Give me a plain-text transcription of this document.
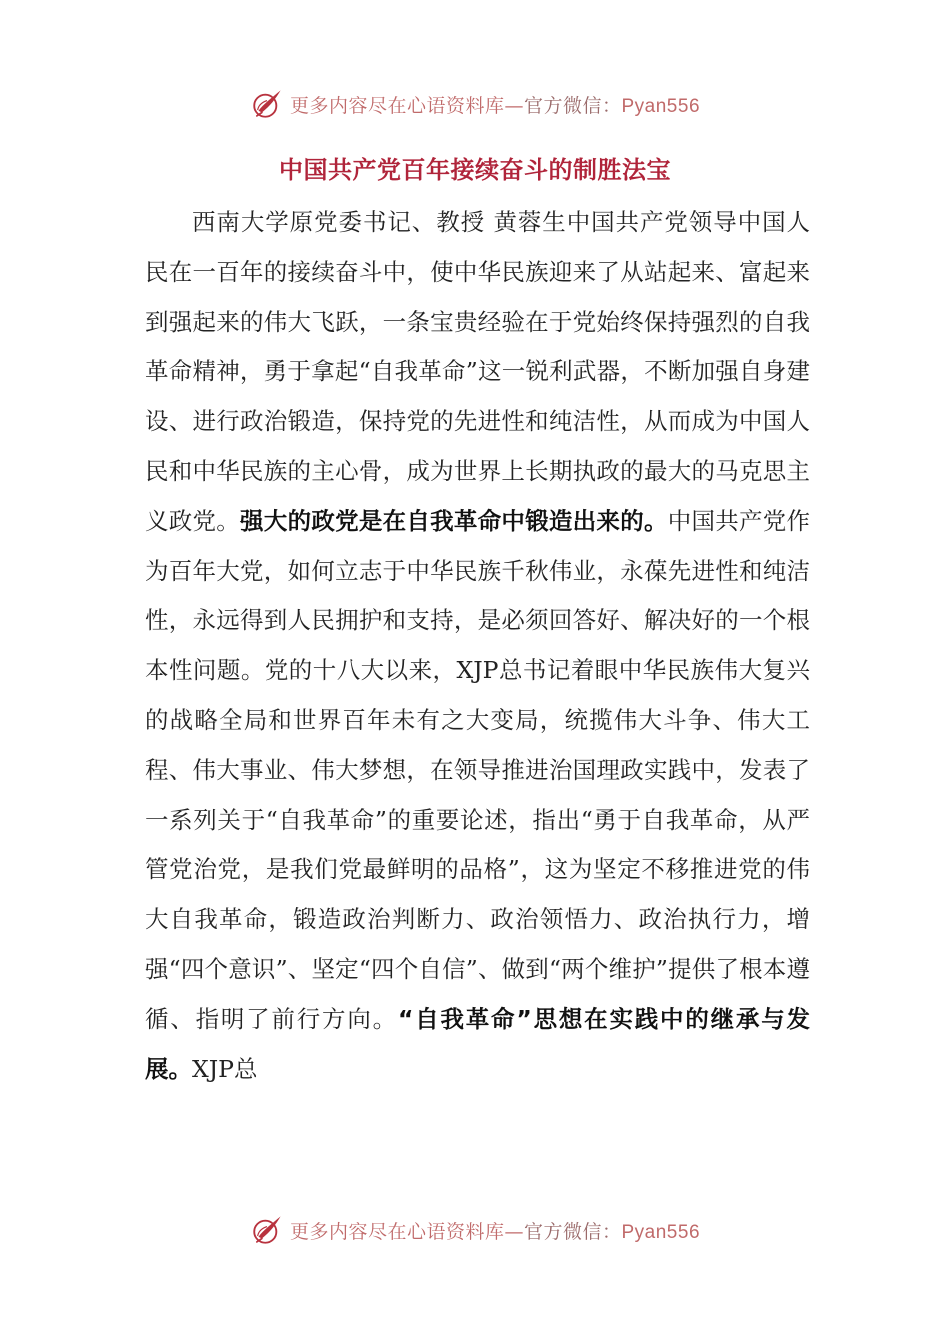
更多内容尽在心语资料库—官方微信：Pyan556
中国共产党百年接续奋斗的制胜法宝

西南大学原党委书记、教授 黄蓉生中国共产党领导中国人民在一百年的接续奋斗中，使中华民族迎来了从站起来、富起来到强起来的伟大飞跃，一条宝贵经验在于党始终保持强烈的自我革命精神，勇于拿起“自我革命”这一锐利武器，不断加强自身建设、进行政治锻造，保持党的先进性和纯洁性，从而成为中国人民和中华民族的主心骨，成为世界上长期执政的最大的马克思主义政党。强大的政党是在自我革命中锻造出来的。中国共产党作为百年大党，如何立志于中华民族千秋伟业，永葆先进性和纯洁性，永远得到人民拥护和支持，是必须回答好、解决好的一个根本性问题。党的十八大以来，XJP总书记着眼中华民族伟大复兴的战略全局和世界百年未有之大变局，统揽伟大斗争、伟大工程、伟大事业、伟大梦想，在领导推进治国理政实践中，发表了一系列关于“自我革命”的重要论述，指出“勇于自我革命，从严管党治党，是我们党最鲜明的品格”，这为坚定不移推进党的伟大自我革命，锻造政治判断力、政治领悟力、政治执行力，增强“四个意识”、坚定“四个自信”、做到“两个维护”提供了根本遵循、指明了前行方向。“自我革命”思想在实践中的继承与发展。XJP总

更多内容尽在心语资料库—官方微信：Pyan556
